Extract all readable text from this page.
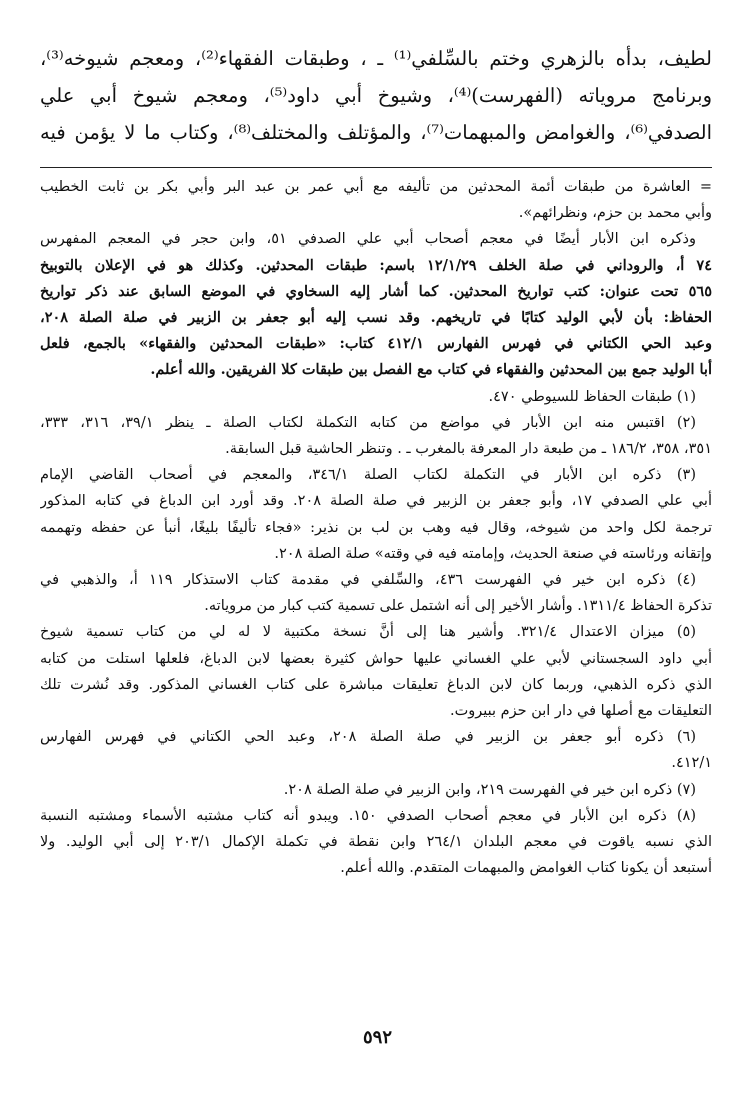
لطيف، بدأه بالزهري وختم بالسِّلفي⁽¹⁾ ـ ، وطبقات الفقهاء⁽²⁾، ومعجم شيوخه⁽³⁾،

وبرنامج مروياته (الفهرست)⁽⁴⁾، وشيوخ أبي داود⁽⁵⁾، ومعجم شيوخ أبي علي

الصدفي⁽⁶⁾، والغوامض والمبهمات⁽⁷⁾، والمؤتلف والمختلف⁽⁸⁾، وكتاب ما لا يؤمن فيه

= العاشرة من طبقات أئمة المحدثين من تأليفه مع أبي عمر بن عبد البر وأبي بكر بن ثابت الخطيب

وأبي محمد بن حزم، ونظرائهم».

وذكره ابن الأبار أيضًا في معجم أصحاب أبي علي الصدفي ٥١، وابن حجر في المعجم المفهرس

٧٤ أ، والروداني في صلة الخلف ١٢/١/٢٩ باسم: طبقات المحدثين. وكذلك هو في الإعلان بالتوبيخ

٥٦٥ تحت عنوان: كتب تواريخ المحدثين. كما أشار إليه السخاوي في الموضع السابق عند ذكر تواريخ

الحفاظ: بأن لأبي الوليد كتابًا في تاريخهم. وقد نسب إليه أبو جعفر بن الزبير في صلة الصلة ٢٠٨،

وعبد الحي الكتاني في فهرس الفهارس ٤١٢/١ كتاب: «طبقات المحدثين والفقهاء» بالجمع، فلعل

أبا الوليد جمع بين المحدثين والفقهاء في كتاب مع الفصل بين طبقات كلا الفريقين. والله أعلم.

(١) طبقات الحفاظ للسيوطي ٤٧٠.

(٢) اقتبس منه ابن الأبار في مواضع من كتابه التكملة لكتاب الصلة ـ ينظر ٣٩/١، ٣١٦، ٣٣٣،

٣٥١، ٣٥٨، ١٨٦/٢ ـ من طبعة دار المعرفة بالمغرب ـ . وتنظر الحاشية قبل السابقة.

(٣) ذكره ابن الأبار في التكملة لكتاب الصلة ٣٤٦/١، والمعجم في أصحاب القاضي الإمام

أبي علي الصدفي ١٧، وأبو جعفر بن الزبير في صلة الصلة ٢٠٨. وقد أورد ابن الدباغ في كتابه المذكور

ترجمة لكل واحد من شيوخه، وقال فيه وهب بن لب بن نذير: «فجاء تأليفًا بليغًا، أنبأ عن حفظه وتهممه

وإتقانه ورئاسته في صنعة الحديث، وإمامته فيه في وقته» صلة الصلة ٢٠٨.

(٤) ذكره ابن خير في الفهرست ٤٣٦، والسِّلفي في مقدمة كتاب الاستذكار ١١٩ أ، والذهبي في

تذكرة الحفاظ ١٣١١/٤. وأشار الأخير إلى أنه اشتمل على تسمية كتب كبار من مروياته.

(٥) ميزان الاعتدال ٣٢١/٤. وأشير هنا إلى أنَّ نسخة مكتبية لا له لي من كتاب تسمية شيوخ

أبي داود السجستاني لأبي علي الغساني عليها حواش كثيرة بعضها لابن الدباغ، فلعلها استلت من كتابه

الذي ذكره الذهبي، وربما كان لابن الدباغ تعليقات مباشرة على كتاب الغساني المذكور. وقد نُشرت تلك

التعليقات مع أصلها في دار ابن حزم ببيروت.

(٦) ذكره أبو جعفر بن الزبير في صلة الصلة ٢٠٨، وعبد الحي الكتاني في فهرس الفهارس

٤١٢/١.

(٧) ذكره ابن خير في الفهرست ٢١٩، وابن الزبير في صلة الصلة ٢٠٨.

(٨) ذكره ابن الأبار في معجم أصحاب الصدفي ١٥٠. ويبدو أنه كتاب مشتبه الأسماء ومشتبه النسبة

الذي نسبه ياقوت في معجم البلدان ٢٦٤/١ وابن نقطة في تكملة الإكمال ٢٠٣/١ إلى أبي الوليد. ولا

أستبعد أن يكونا كتاب الغوامض والمبهمات المتقدم. والله أعلم.

٥٩٢
